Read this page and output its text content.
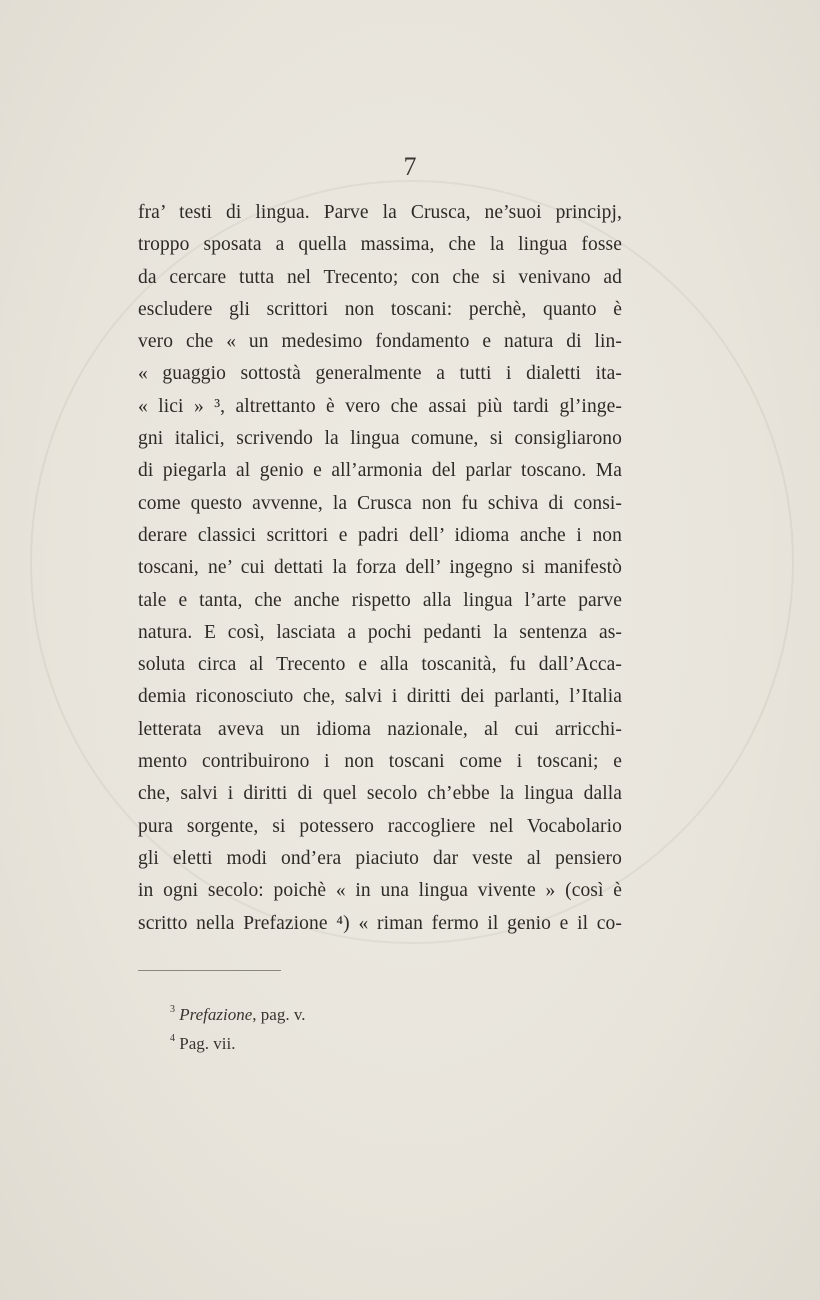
7
fra’ testi di lingua. Parve la Crusca, ne’suoi principj,
troppo sposata a quella massima, che la lingua fosse
da cercare tutta nel Trecento; con che si venivano ad
escludere gli scrittori non toscani: perchè, quanto è
vero che « un medesimo fondamento e natura di lin-
« guaggio sottostà generalmente a tutti i dialetti ita-
« lici » ³, altrettanto è vero che assai più tardi gl’inge-
gni italici, scrivendo la lingua comune, si consigliarono
di piegarla al genio e all’armonia del parlar toscano. Ma
come questo avvenne, la Crusca non fu schiva di consi-
derare classici scrittori e padri dell’ idioma anche i non
toscani, ne’ cui dettati la forza dell’ ingegno si manifestò
tale e tanta, che anche rispetto alla lingua l’arte parve
natura. E così, lasciata a pochi pedanti la sentenza as-
soluta circa al Trecento e alla toscanità, fu dall’Acca-
demia riconosciuto che, salvi i diritti dei parlanti, l’Italia
letterata aveva un idioma nazionale, al cui arricchi-
mento contribuirono i non toscani come i toscani; e
che, salvi i diritti di quel secolo ch’ebbe la lingua dalla
pura sorgente, si potessero raccogliere nel Vocabolario
gli eletti modi ond’era piaciuto dar veste al pensiero
in ogni secolo: poichè « in una lingua vivente » (così è
scritto nella Prefazione ⁴) « riman fermo il genio e il co-
$^3$ Prefazione, pag. v.
$^4$ Pag. vii.
